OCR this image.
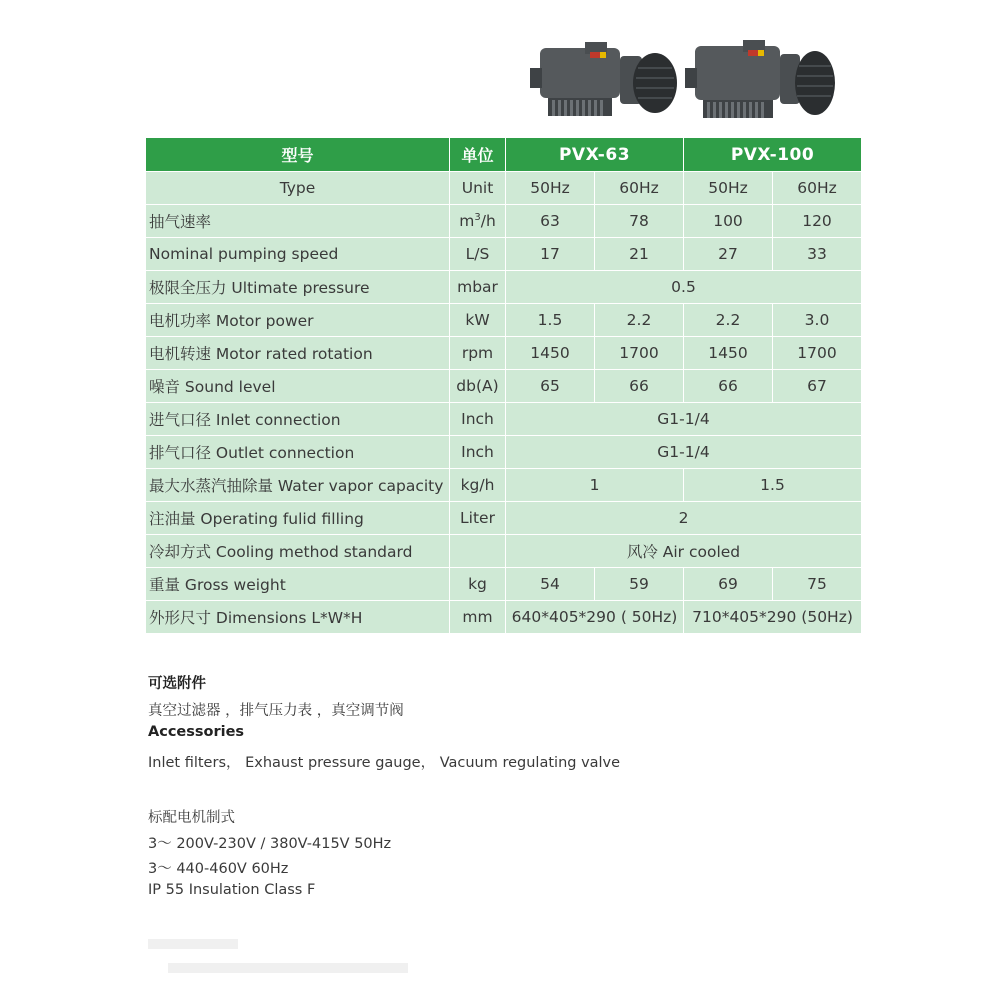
型号	单位	PVX-63		PVX-100	
Type	Unit	50Hz	60Hz	50Hz	60Hz
抽气速率	$m^3/h$	63	78	100	120
Nominal pumping speed	L/S	17	21	27	33
极限全压力 Ultimate pressure	mbar	0.5			
电机功率 Motor power	kW	1.5	2.2	2.2	3.0
电机转速 Motor rated rotation	rpm	1450	1700	1450	1700
噪音 Sound level	db(A)	65	66	66	67
进气口径 Inlet connection	Inch	G1-1/4			
排气口径 Outlet connection	Inch	G1-1/4			
最大水蒸汽抽除量 Water vapor capacity	kg/h	1		1.5	
注油量 Operating fulid filling	Liter	2			
冷却方式 Cooling method standard		风冷 Air cooled			
重量 Gross weight	kg	54	59	69	75
外形尺寸 Dimensions L*W*H	mm	640*405*290 ( 50Hz)		710*405*290 (50Hz)	
可选附件
真空过滤器 ，排气压力表 ，真空调节阀
Accessories
Inlet filters， Exhaust pressure gauge， Vacuum regulating valve
标配电机制式
3～ 200V-230V / 380V-415V 50Hz
3～ 440-460V 60Hz
IP 55 Insulation Class F
